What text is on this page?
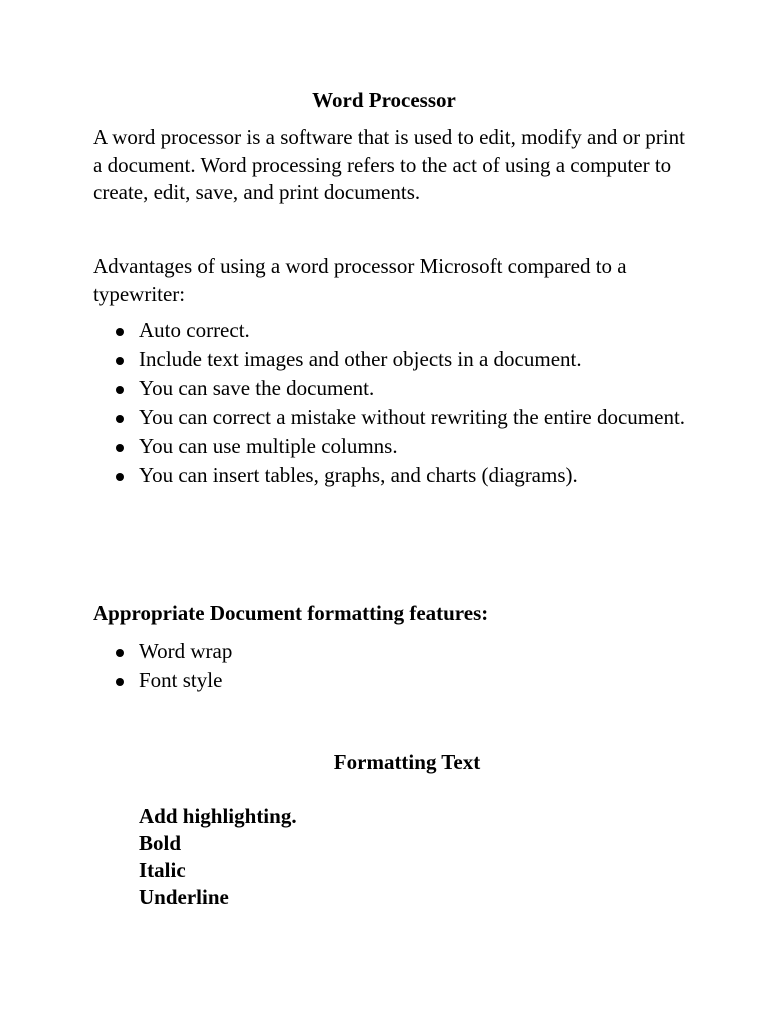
Word Processor
A word processor is a software that is used to edit, modify and or print a document. Word processing refers to the act of using a computer to create, edit, save, and print documents.
Advantages of using a word processor Microsoft compared to a typewriter:
Auto correct.
Include text images and other objects in a document.
You can save the document.
You can correct a mistake without rewriting the entire document.
You can use multiple columns.
You can insert tables, graphs, and charts (diagrams).
Appropriate Document formatting features:
Word wrap
Font style
Formatting Text
Add highlighting.
Bold
Italic
Underline
